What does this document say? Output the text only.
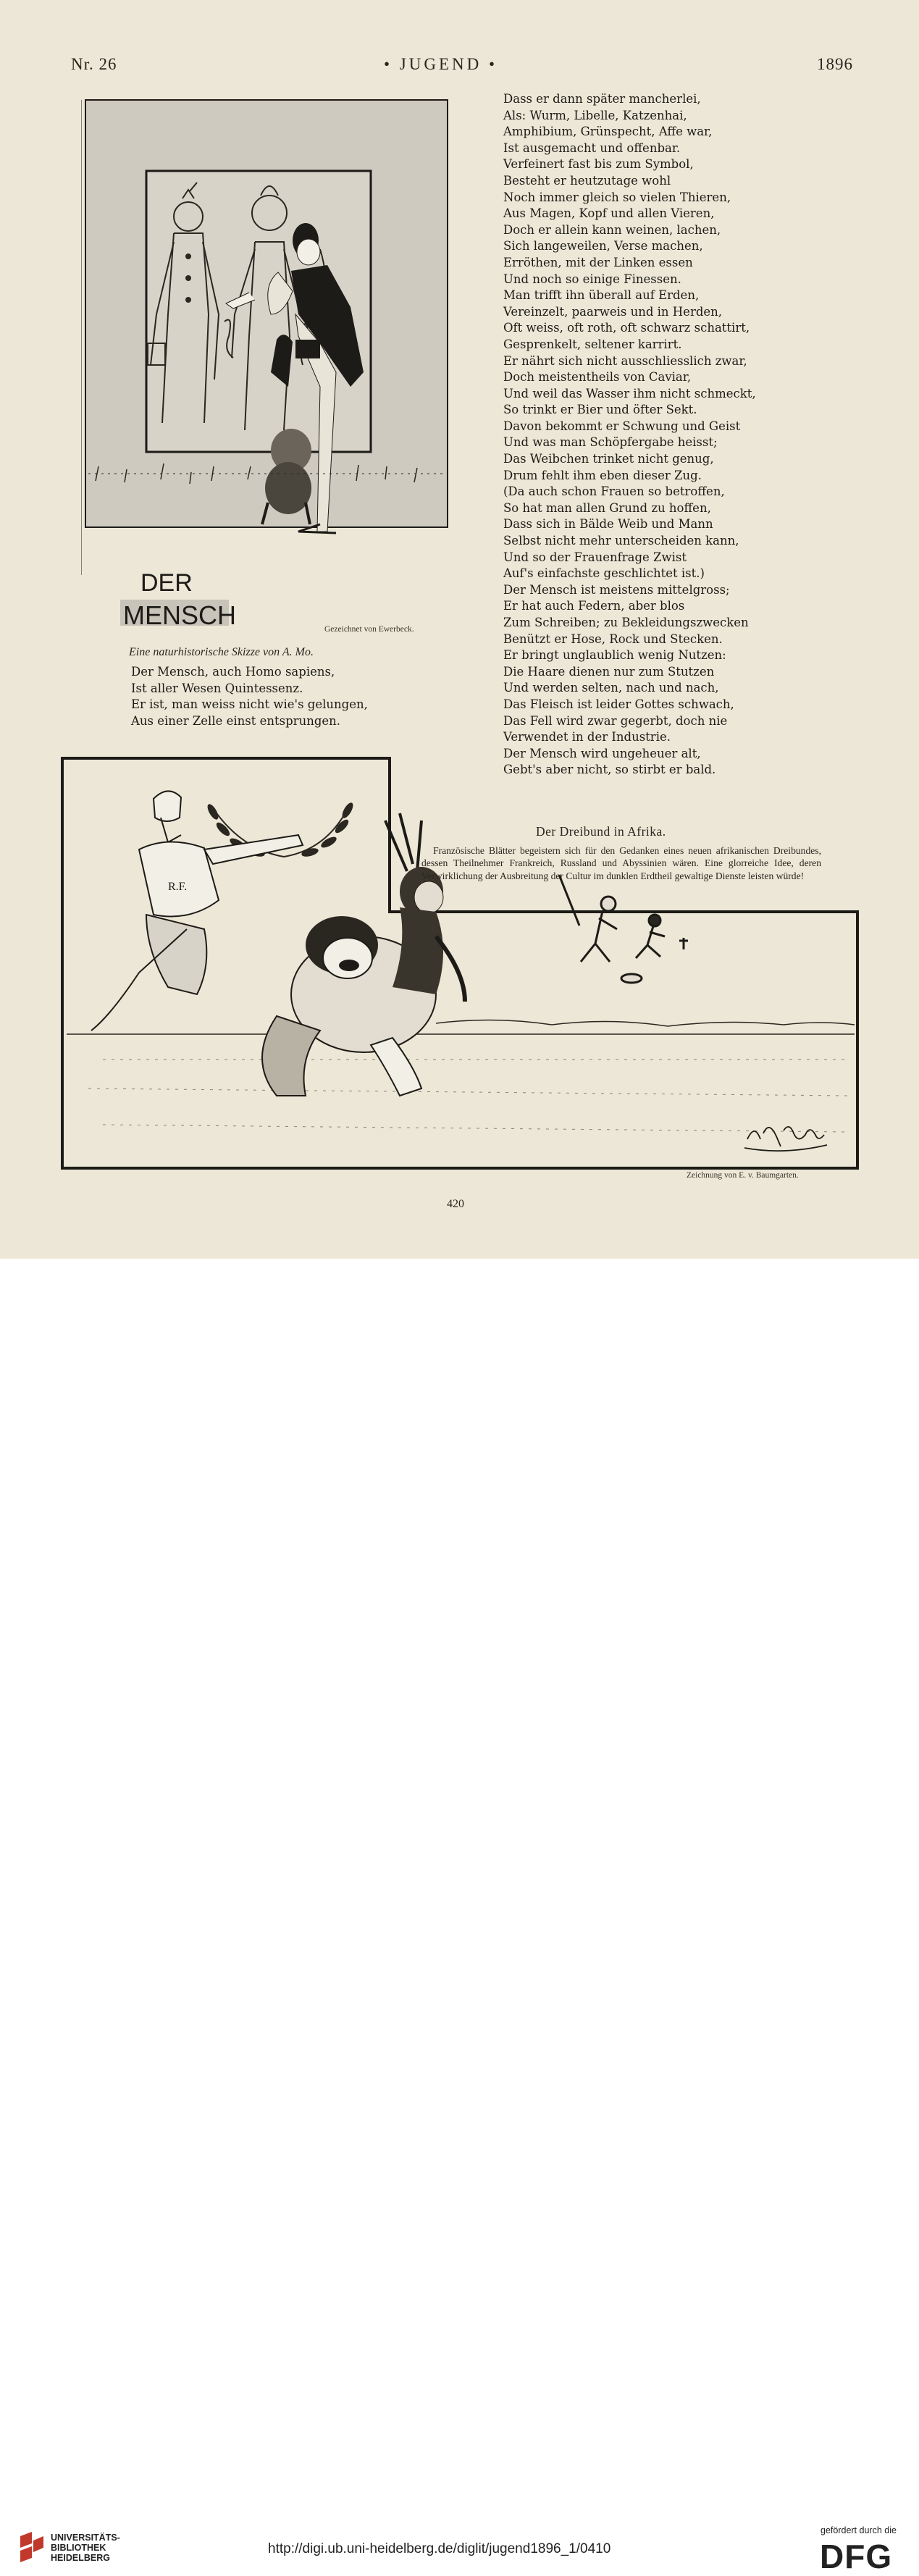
Nr. 26	• JUGEND •	1896
DER
MENSCH	Gezeichnet von Ewerbeck.
Eine naturhistorische Skizze von A. Mo.
Der Mensch, auch Homo sapiens,
Ist aller Wesen Quintessenz.
Er ist, man weiss nicht wie's gelungen,
Aus einer Zelle einst entsprungen.
Dass er dann später mancherlei,
Als: Wurm, Libelle, Katzenhai,
Amphibium, Grünspecht, Affe war,
Ist ausgemacht und offenbar.
Verfeinert fast bis zum Symbol,
Besteht er heutzutage wohl
Noch immer gleich so vielen Thieren,
Aus Magen, Kopf und allen Vieren,
Doch er allein kann weinen, lachen,
Sich langeweilen, Verse machen,
Erröthen, mit der Linken essen
Und noch so einige Finessen.
Man trifft ihn überall auf Erden,
Vereinzelt, paarweis und in Herden,
Oft weiss, oft roth, oft schwarz schattirt,
Gesprenkelt, seltener karrirt.
Er nährt sich nicht ausschliesslich zwar,
Doch meistentheils von Caviar,
Und weil das Wasser ihm nicht schmeckt,
So trinkt er Bier und öfter Sekt.
Davon bekommt er Schwung und Geist
Und was man Schöpfergabe heisst;
Das Weibchen trinket nicht genug,
Drum fehlt ihm eben dieser Zug.
(Da auch schon Frauen so betroffen,
So hat man allen Grund zu hoffen,
Dass sich in Bälde Weib und Mann
Selbst nicht mehr unterscheiden kann,
Und so der Frauenfrage Zwist
Auf's einfachste geschlichtet ist.)
Der Mensch ist meistens mittelgross;
Er hat auch Federn, aber blos
Zum Schreiben; zu Bekleidungszwecken
Benützt er Hose, Rock und Stecken.
Er bringt unglaublich wenig Nutzen:
Die Haare dienen nur zum Stutzen
Und werden selten, nach und nach,
Das Fleisch ist leider Gottes schwach,
Das Fell wird zwar gegerbt, doch nie
Verwendet in der Industrie.
Der Mensch wird ungeheuer alt,
Gebt's aber nicht, so stirbt er bald.
R.F.
Der Dreibund in Afrika.
Französische Blätter begeistern sich für den Gedanken eines neuen afrikanischen Dreibundes, dessen Theilnehmer Frankreich, Russland und Abyssinien wären. Eine glorreiche Idee, deren Verwirklichung der Ausbreitung der Cultur im dunklen Erdtheil gewaltige Dienste leisten würde!
Zeichnung von E. v. Baumgarten.
420
UNIVERSITÄTS-
BIBLIOTHEK
HEIDELBERG
http://digi.ub.uni-heidelberg.de/diglit/jugend1896_1/0410
gefördert durch die
DFG
